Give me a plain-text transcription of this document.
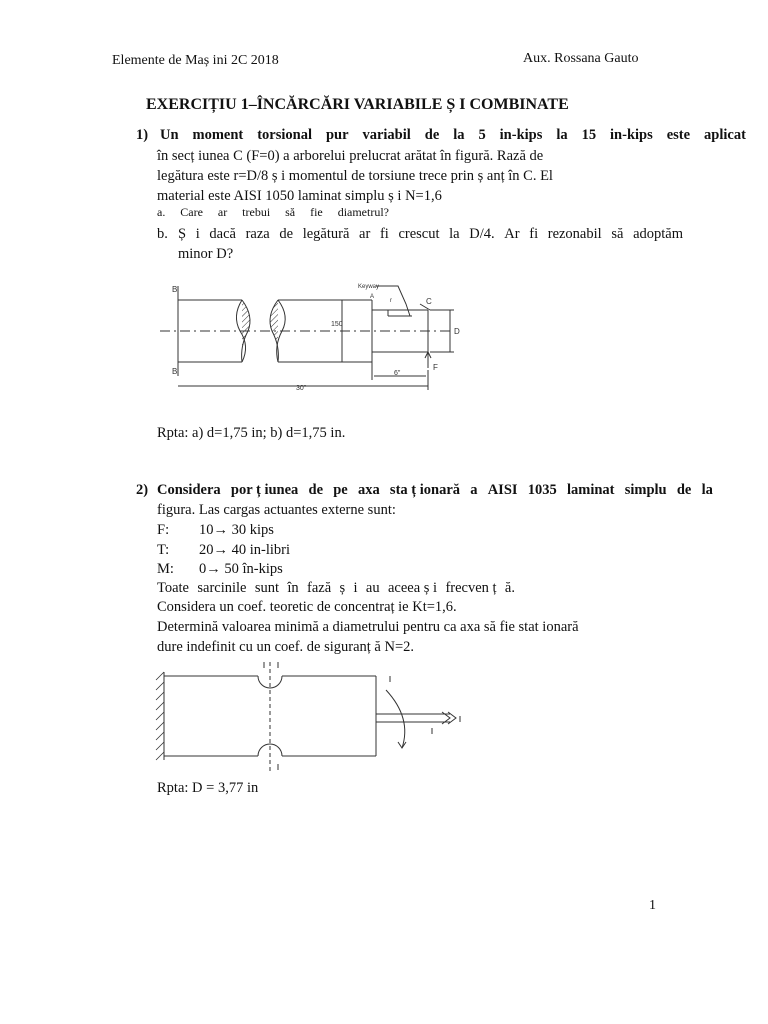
Elemente de Maș ini 2C 2018	Aux. Rossana Gauto
EXERCIȚIU 1–ÎNCĂRCĂRI VARIABILE Ș I COMBINATE
1) Un moment torsional pur variabil de la 5 in-kips la 15 in-kips este aplicat
în secț iunea C (F=0) a arborelui prelucrat arătat în figură. Rază de
legătura este r=D/8 ș i momentul de torsiune trece prin ș anț în C. El
material este AISI 1050 laminat simplu ș i N=1,6
a. Care ar trebui să fie diametrul?
b. Ș i dacă raza de legătură ar fi crescut la D/4. Ar fi rezonabil să adoptăm
minor D?
B
B
Keyway
A
r	C
D
F
150
6"
30"
Rpta: a) d=1,75 in; b) d=1,75 in.
2) Considera por ț iunea de pe axa sta ț ionară a AISI 1035 laminat simplu de la
figura. Las cargas actuantes externe sunt:
F: 10→ 30 kips
T: 20→ 40 in-libri
M: 0→ 50 în-kips
Toate sarcinile sunt în fază ș i au aceea ș i frecven ț ă.
Considera un coef. teoretic de concentraț ie Kt=1,6.
Determină valoarea minimă a diametrului pentru ca axa să fie stat ionară
dure indefinit cu un coef. de siguranț ă N=2.
Rpta: D = 3,77 in
1
